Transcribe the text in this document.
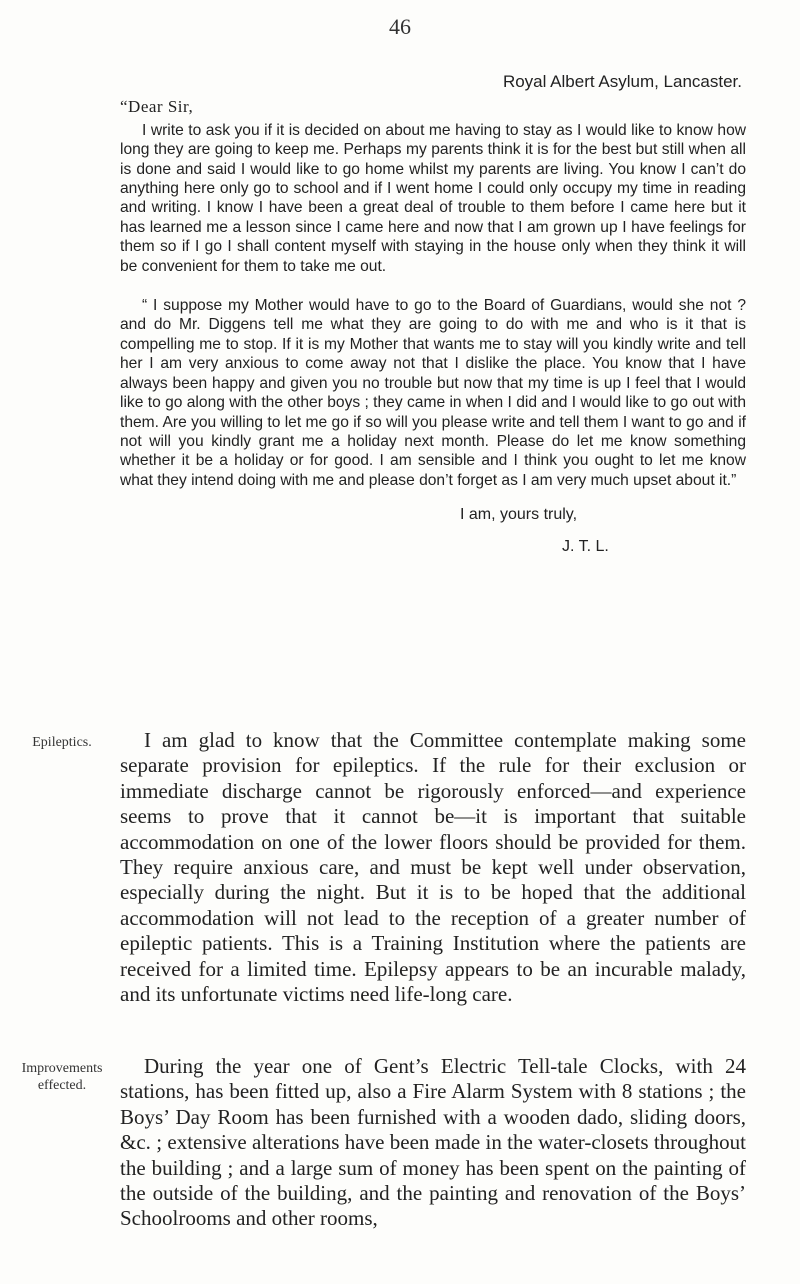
46
Royal Albert Asylum, Lancaster.
“Dear Sir,

I write to ask you if it is decided on about me having to stay as I would like to know how long they are going to keep me. Perhaps my parents think it is for the best but still when all is done and said I would like to go home whilst my parents are living. You know I can’t do anything here only go to school and if I went home I could only occupy my time in reading and writing. I know I have been a great deal of trouble to them before I came here but it has learned me a lesson since I came here and now that I am grown up I have feelings for them so if I go I shall content myself with staying in the house only when they think it will be convenient for them to take me out.

“ I suppose my Mother would have to go to the Board of Guardians, would she not ? and do Mr. Diggens tell me what they are going to do with me and who is it that is compelling me to stop. If it is my Mother that wants me to stay will you kindly write and tell her I am very anxious to come away not that I dislike the place. You know that I have always been happy and given you no trouble but now that my time is up I feel that I would like to go along with the other boys ; they came in when I did and I would like to go out with them. Are you willing to let me go if so will you please write and tell them I want to go and if not will you kindly grant me a holiday next month. Please do let me know something whether it be a holiday or for good. I am sensible and I think you ought to let me know what they intend doing with me and please don’t forget as I am very much upset about it.”

I am, yours truly,
J. T. L.
Epileptics.	I am glad to know that the Committee contemplate making some separate provision for epileptics. If the rule for their exclusion or immediate discharge cannot be rigorously enforced—and experience seems to prove that it cannot be—it is important that suitable accommodation on one of the lower floors should be provided for them. They require anxious care, and must be kept well under observation, especially during the night. But it is to be hoped that the additional accommodation will not lead to the reception of a greater number of epileptic patients. This is a Training Institution where the patients are received for a limited time. Epilepsy appears to be an incurable malady, and its unfortunate victims need life-long care.

Improvements effected.

During the year one of Gent’s Electric Tell-tale Clocks, with 24 stations, has been fitted up, also a Fire Alarm System with 8 stations ; the Boys’ Day Room has been furnished with a wooden dado, sliding doors, &c. ; extensive alterations have been made in the water-closets throughout the building ; and a large sum of money has been spent on the painting of the outside of the building, and the painting and renovation of the Boys’ Schoolrooms and other rooms,
